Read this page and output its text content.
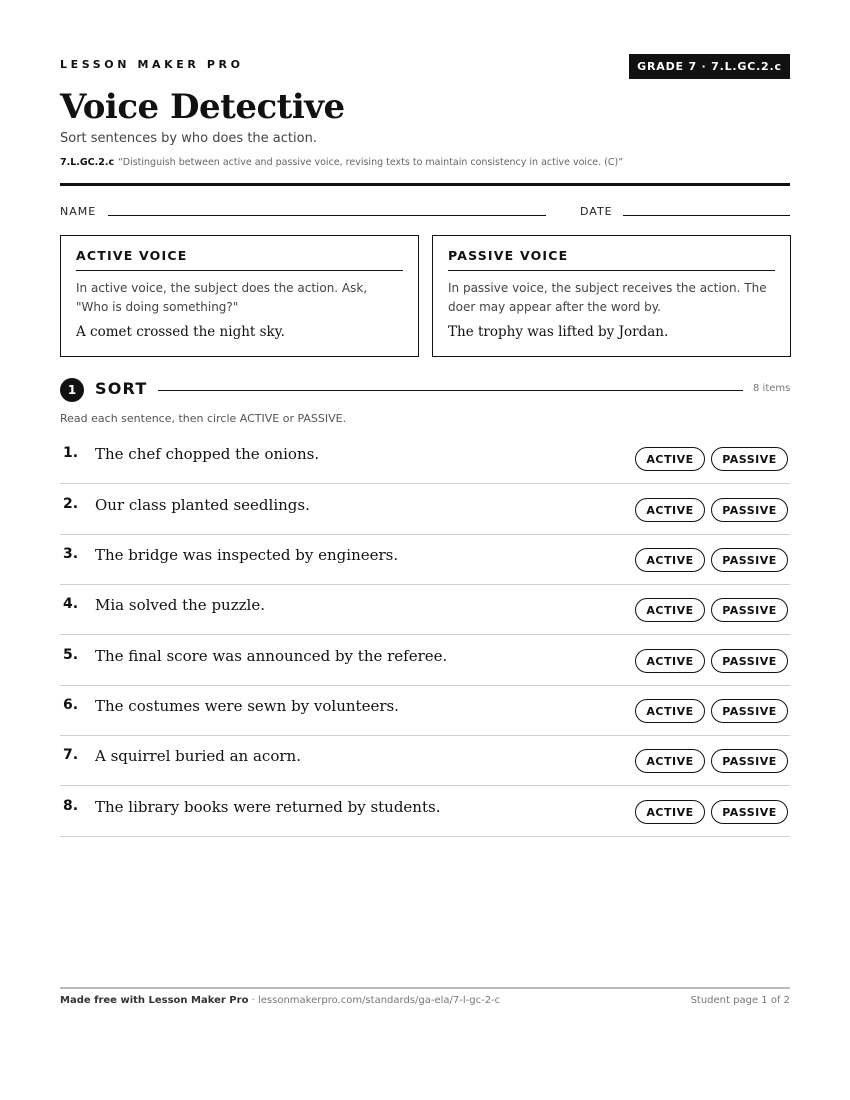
LESSON MAKER PRO	GRADE 7 · 7.L.GC.2.c
Voice Detective
Sort sentences by who does the action.
7.L.GC.2.c “Distinguish between active and passive voice, revising texts to maintain consistency in active voice. (C)”
NAME	DATE
ACTIVE VOICE
In active voice, the subject does the action. Ask, "Who is doing something?"
A comet crossed the night sky.
PASSIVE VOICE
In passive voice, the subject receives the action. The doer may appear after the word by.
The trophy was lifted by Jordan.
1	SORT	8 items
Read each sentence, then circle ACTIVE or PASSIVE.
1. The chef chopped the onions.	ACTIVE	PASSIVE
2. Our class planted seedlings.	ACTIVE	PASSIVE
3. The bridge was inspected by engineers.	ACTIVE	PASSIVE
4. Mia solved the puzzle.	ACTIVE	PASSIVE
5. The final score was announced by the referee.	ACTIVE	PASSIVE
6. The costumes were sewn by volunteers.	ACTIVE	PASSIVE
7. A squirrel buried an acorn.	ACTIVE	PASSIVE
8. The library books were returned by students.	ACTIVE	PASSIVE
Made free with Lesson Maker Pro · lessonmakerpro.com/standards/ga-ela/7-l-gc-2-c	Student page 1 of 2
